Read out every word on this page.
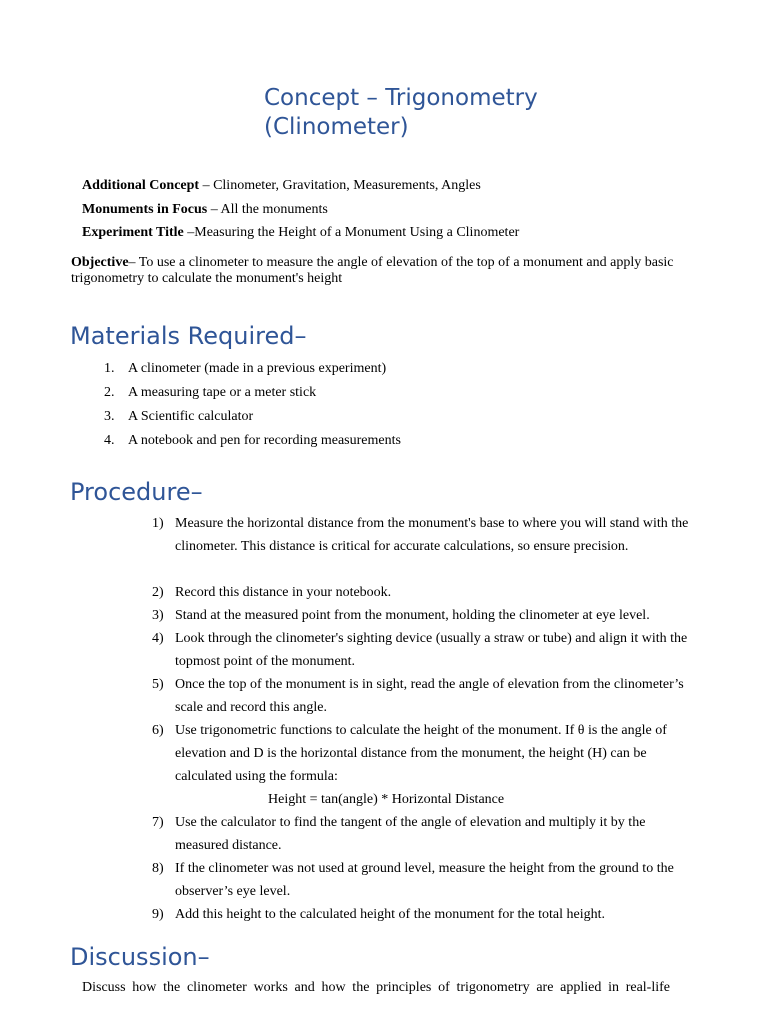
Concept – Trigonometry (Clinometer)
Additional Concept – Clinometer, Gravitation, Measurements, Angles
Monuments in Focus – All the monuments
Experiment Title –Measuring the Height of a Monument Using a Clinometer
Objective– To use a clinometer to measure the angle of elevation of the top of a monument and apply basic trigonometry to calculate the monument's height
Materials Required–
1. A clinometer (made in a previous experiment)
2. A measuring tape or a meter stick
3. A Scientific calculator
4. A notebook and pen for recording measurements
Procedure–
1) Measure the horizontal distance from the monument's base to where you will stand with the clinometer. This distance is critical for accurate calculations, so ensure precision.
2) Record this distance in your notebook.
3) Stand at the measured point from the monument, holding the clinometer at eye level.
4) Look through the clinometer's sighting device (usually a straw or tube) and align it with the topmost point of the monument.
5) Once the top of the monument is in sight, read the angle of elevation from the clinometer’s scale and record this angle.
6) Use trigonometric functions to calculate the height of the monument. If θ is the angle of elevation and D is the horizontal distance from the monument, the height (H) can be calculated using the formula:
Height = tan(angle) * Horizontal Distance
7) Use the calculator to find the tangent of the angle of elevation and multiply it by the measured distance.
8) If the clinometer was not used at ground level, measure the height from the ground to the observer’s eye level.
9) Add this height to the calculated height of the monument for the total height.
Discussion–
Discuss how the clinometer works and how the principles of trigonometry are applied in real-life
